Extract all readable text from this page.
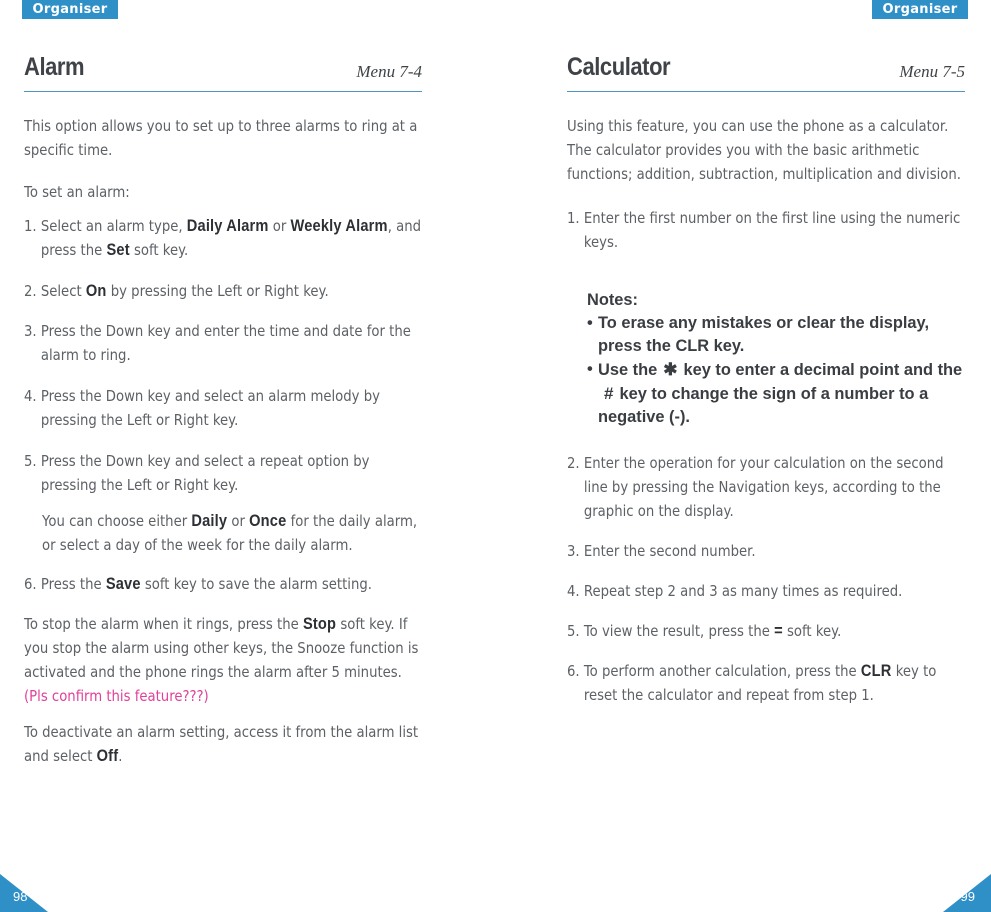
Organiser
Alarm	Menu 7-4

This option allows you to set up to three alarms to ring at a specific time.

To set an alarm:

1. Select an alarm type, Daily Alarm or Weekly Alarm, and press the Set soft key.
2. Select On by pressing the Left or Right key.
3. Press the Down key and enter the time and date for the alarm to ring.
4. Press the Down key and select an alarm melody by pressing the Left or Right key.
5. Press the Down key and select a repeat option by pressing the Left or Right key.

You can choose either Daily or Once for the daily alarm, or select a day of the week for the daily alarm.

6. Press the Save soft key to save the alarm setting.

To stop the alarm when it rings, press the Stop soft key. If you stop the alarm using other keys, the Snooze function is activated and the phone rings the alarm after 5 minutes. (Pls confirm this feature???)

To deactivate an alarm setting, access it from the alarm list and select Off.

98
Organiser
Calculator	Menu 7-5

Using this feature, you can use the phone as a calculator. The calculator provides you with the basic arithmetic functions; addition, subtraction, multiplication and division.

1. Enter the first number on the first line using the numeric keys.
Notes:
• To erase any mistakes or clear the display, press the CLR key.
• Use the ✱ key to enter a decimal point and the
# key to change the sign of a number to a negative (-).
2. Enter the operation for your calculation on the second line by pressing the Navigation keys, according to the graphic on the display.
3. Enter the second number.
4. Repeat step 2 and 3 as many times as required.
5. To view the result, press the = soft key.
6. To perform another calculation, press the CLR key to reset the calculator and repeat from step 1.
99
